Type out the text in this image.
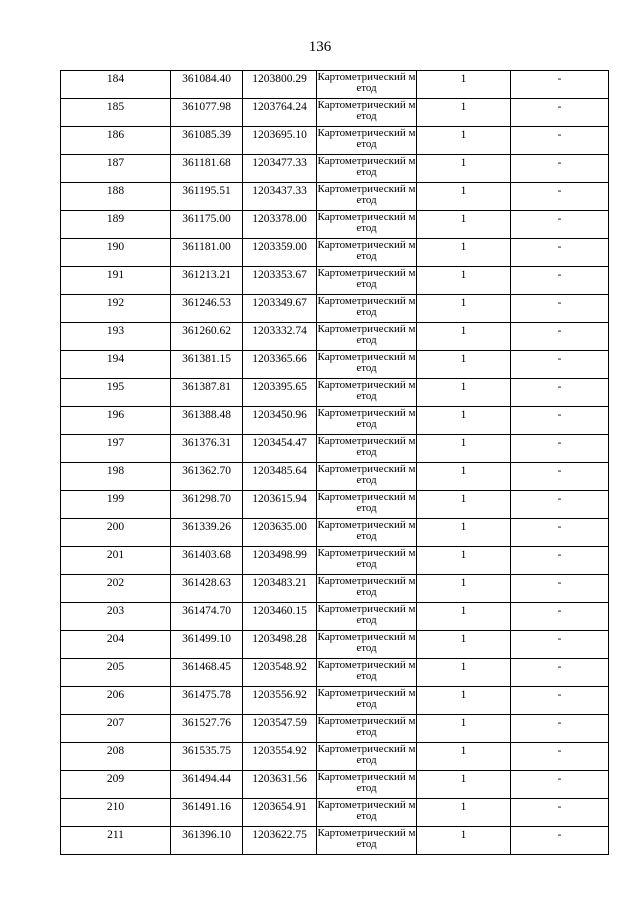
136
184	361084.40	1203800.29	Картометрический метод	1	-
185	361077.98	1203764.24	Картометрический метод	1	-
186	361085.39	1203695.10	Картометрический метод	1	-
187	361181.68	1203477.33	Картометрический метод	1	-
188	361195.51	1203437.33	Картометрический метод	1	-
189	361175.00	1203378.00	Картометрический метод	1	-
190	361181.00	1203359.00	Картометрический метод	1	-
191	361213.21	1203353.67	Картометрический метод	1	-
192	361246.53	1203349.67	Картометрический метод	1	-
193	361260.62	1203332.74	Картометрический метод	1	-
194	361381.15	1203365.66	Картометрический метод	1	-
195	361387.81	1203395.65	Картометрический метод	1	-
196	361388.48	1203450.96	Картометрический метод	1	-
197	361376.31	1203454.47	Картометрический метод	1	-
198	361362.70	1203485.64	Картометрический метод	1	-
199	361298.70	1203615.94	Картометрический метод	1	-
200	361339.26	1203635.00	Картометрический метод	1	-
201	361403.68	1203498.99	Картометрический метод	1	-
202	361428.63	1203483.21	Картометрический метод	1	-
203	361474.70	1203460.15	Картометрический метод	1	-
204	361499.10	1203498.28	Картометрический метод	1	-
205	361468.45	1203548.92	Картометрический метод	1	-
206	361475.78	1203556.92	Картометрический метод	1	-
207	361527.76	1203547.59	Картометрический метод	1	-
208	361535.75	1203554.92	Картометрический метод	1	-
209	361494.44	1203631.56	Картометрический метод	1	-
210	361491.16	1203654.91	Картометрический метод	1	-
211	361396.10	1203622.75	Картометрический метод	1	-
